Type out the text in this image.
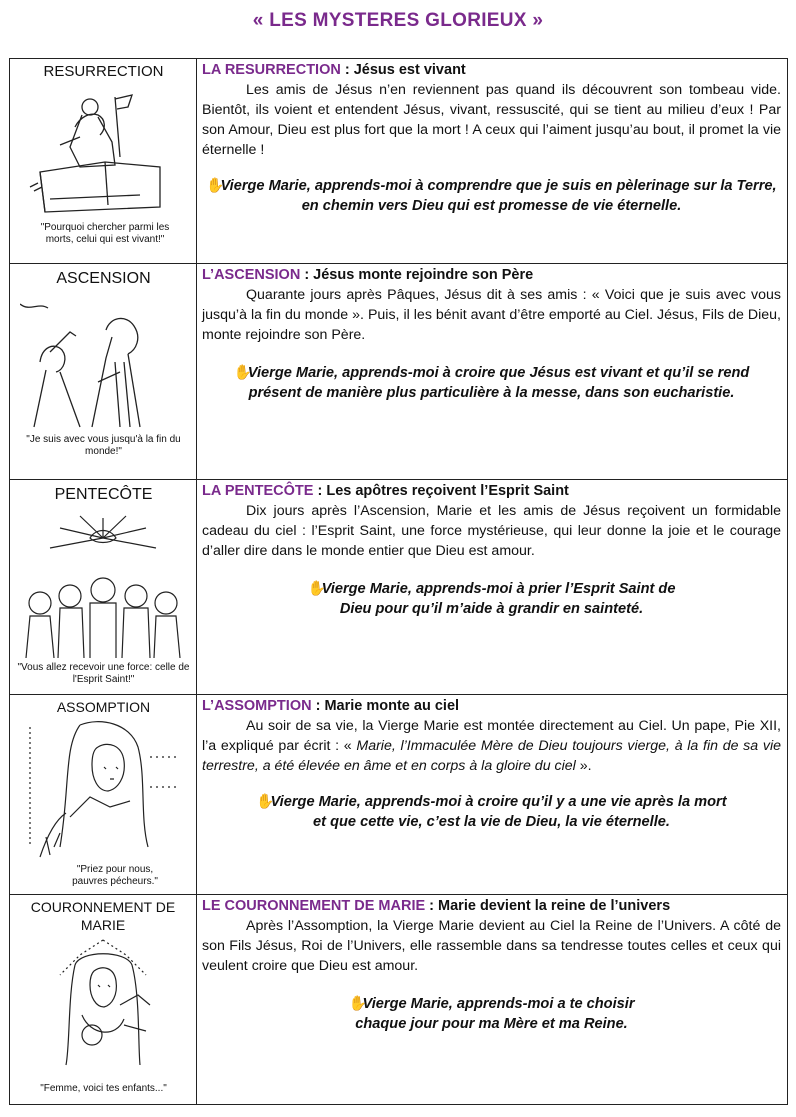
« LES MYSTERES GLORIEUX »
RESURRECTION
"Pourquoi chercher parmi les morts, celui qui est vivant!"
LA RESURRECTION : Jésus est vivant

Les amis de Jésus n’en reviennent pas quand ils découvrent son tombeau vide. Bientôt, ils voient et entendent Jésus, vivant, ressuscité, qui se tient au milieu d’eux ! Par son Amour, Dieu est plus fort que la mort ! A ceux qui l’aiment jusqu’au bout, il promet la vie éternelle !

✋ Vierge Marie, apprends-moi à comprendre que je suis en pèlerinage sur la Terre, en chemin vers Dieu qui est promesse de vie éternelle.
ASCENSION
"Je suis avec vous jusqu'à la fin du monde!"
L’ASCENSION : Jésus monte rejoindre son Père

Quarante jours après Pâques, Jésus dit à ses amis : « Voici que je suis avec vous jusqu’à la fin du monde ». Puis, il les bénit avant d’être emporté au Ciel. Jésus, Fils de Dieu, monte rejoindre son Père.

✋ Vierge Marie, apprends-moi à croire que Jésus est vivant et qu’il se rend présent de manière plus particulière à la messe, dans son eucharistie.
PENTECÔTE
"Vous allez recevoir une force: celle de l'Esprit Saint!"
LA PENTECÔTE : Les apôtres reçoivent l’Esprit Saint

Dix jours après l’Ascension, Marie et les amis de Jésus reçoivent un formidable cadeau du ciel : l’Esprit Saint, une force mystérieuse, qui leur donne la joie et le courage d’aller dire dans le monde entier que Dieu est amour.

✋ Vierge Marie, apprends-moi à prier l’Esprit Saint de Dieu pour qu’il m’aide à grandir en sainteté.
ASSOMPTION
"Priez pour nous, pauvres pécheurs."
L’ASSOMPTION : Marie monte au ciel

Au soir de sa vie, la Vierge Marie est montée directement au Ciel. Un pape, Pie XII, l’a expliqué par écrit : « Marie, l’Immaculée Mère de Dieu toujours vierge, à la fin de sa vie terrestre, a été élevée en âme et en corps à la gloire du ciel ».

✋ Vierge Marie, apprends-moi à croire qu’il y a une vie après la mort et que cette vie, c’est la vie de Dieu, la vie éternelle.
COURONNEMENT DE MARIE
"Femme, voici tes enfants..."
LE COURONNEMENT DE MARIE : Marie devient la reine de l’univers

Après l’Assomption, la Vierge Marie devient au Ciel la Reine de l’Univers. A côté de son Fils Jésus, Roi de l’Univers, elle rassemble dans sa tendresse toutes celles et ceux qui veulent croire que Dieu est amour.

✋ Vierge Marie, apprends-moi a te choisir chaque jour pour ma Mère et ma Reine.
